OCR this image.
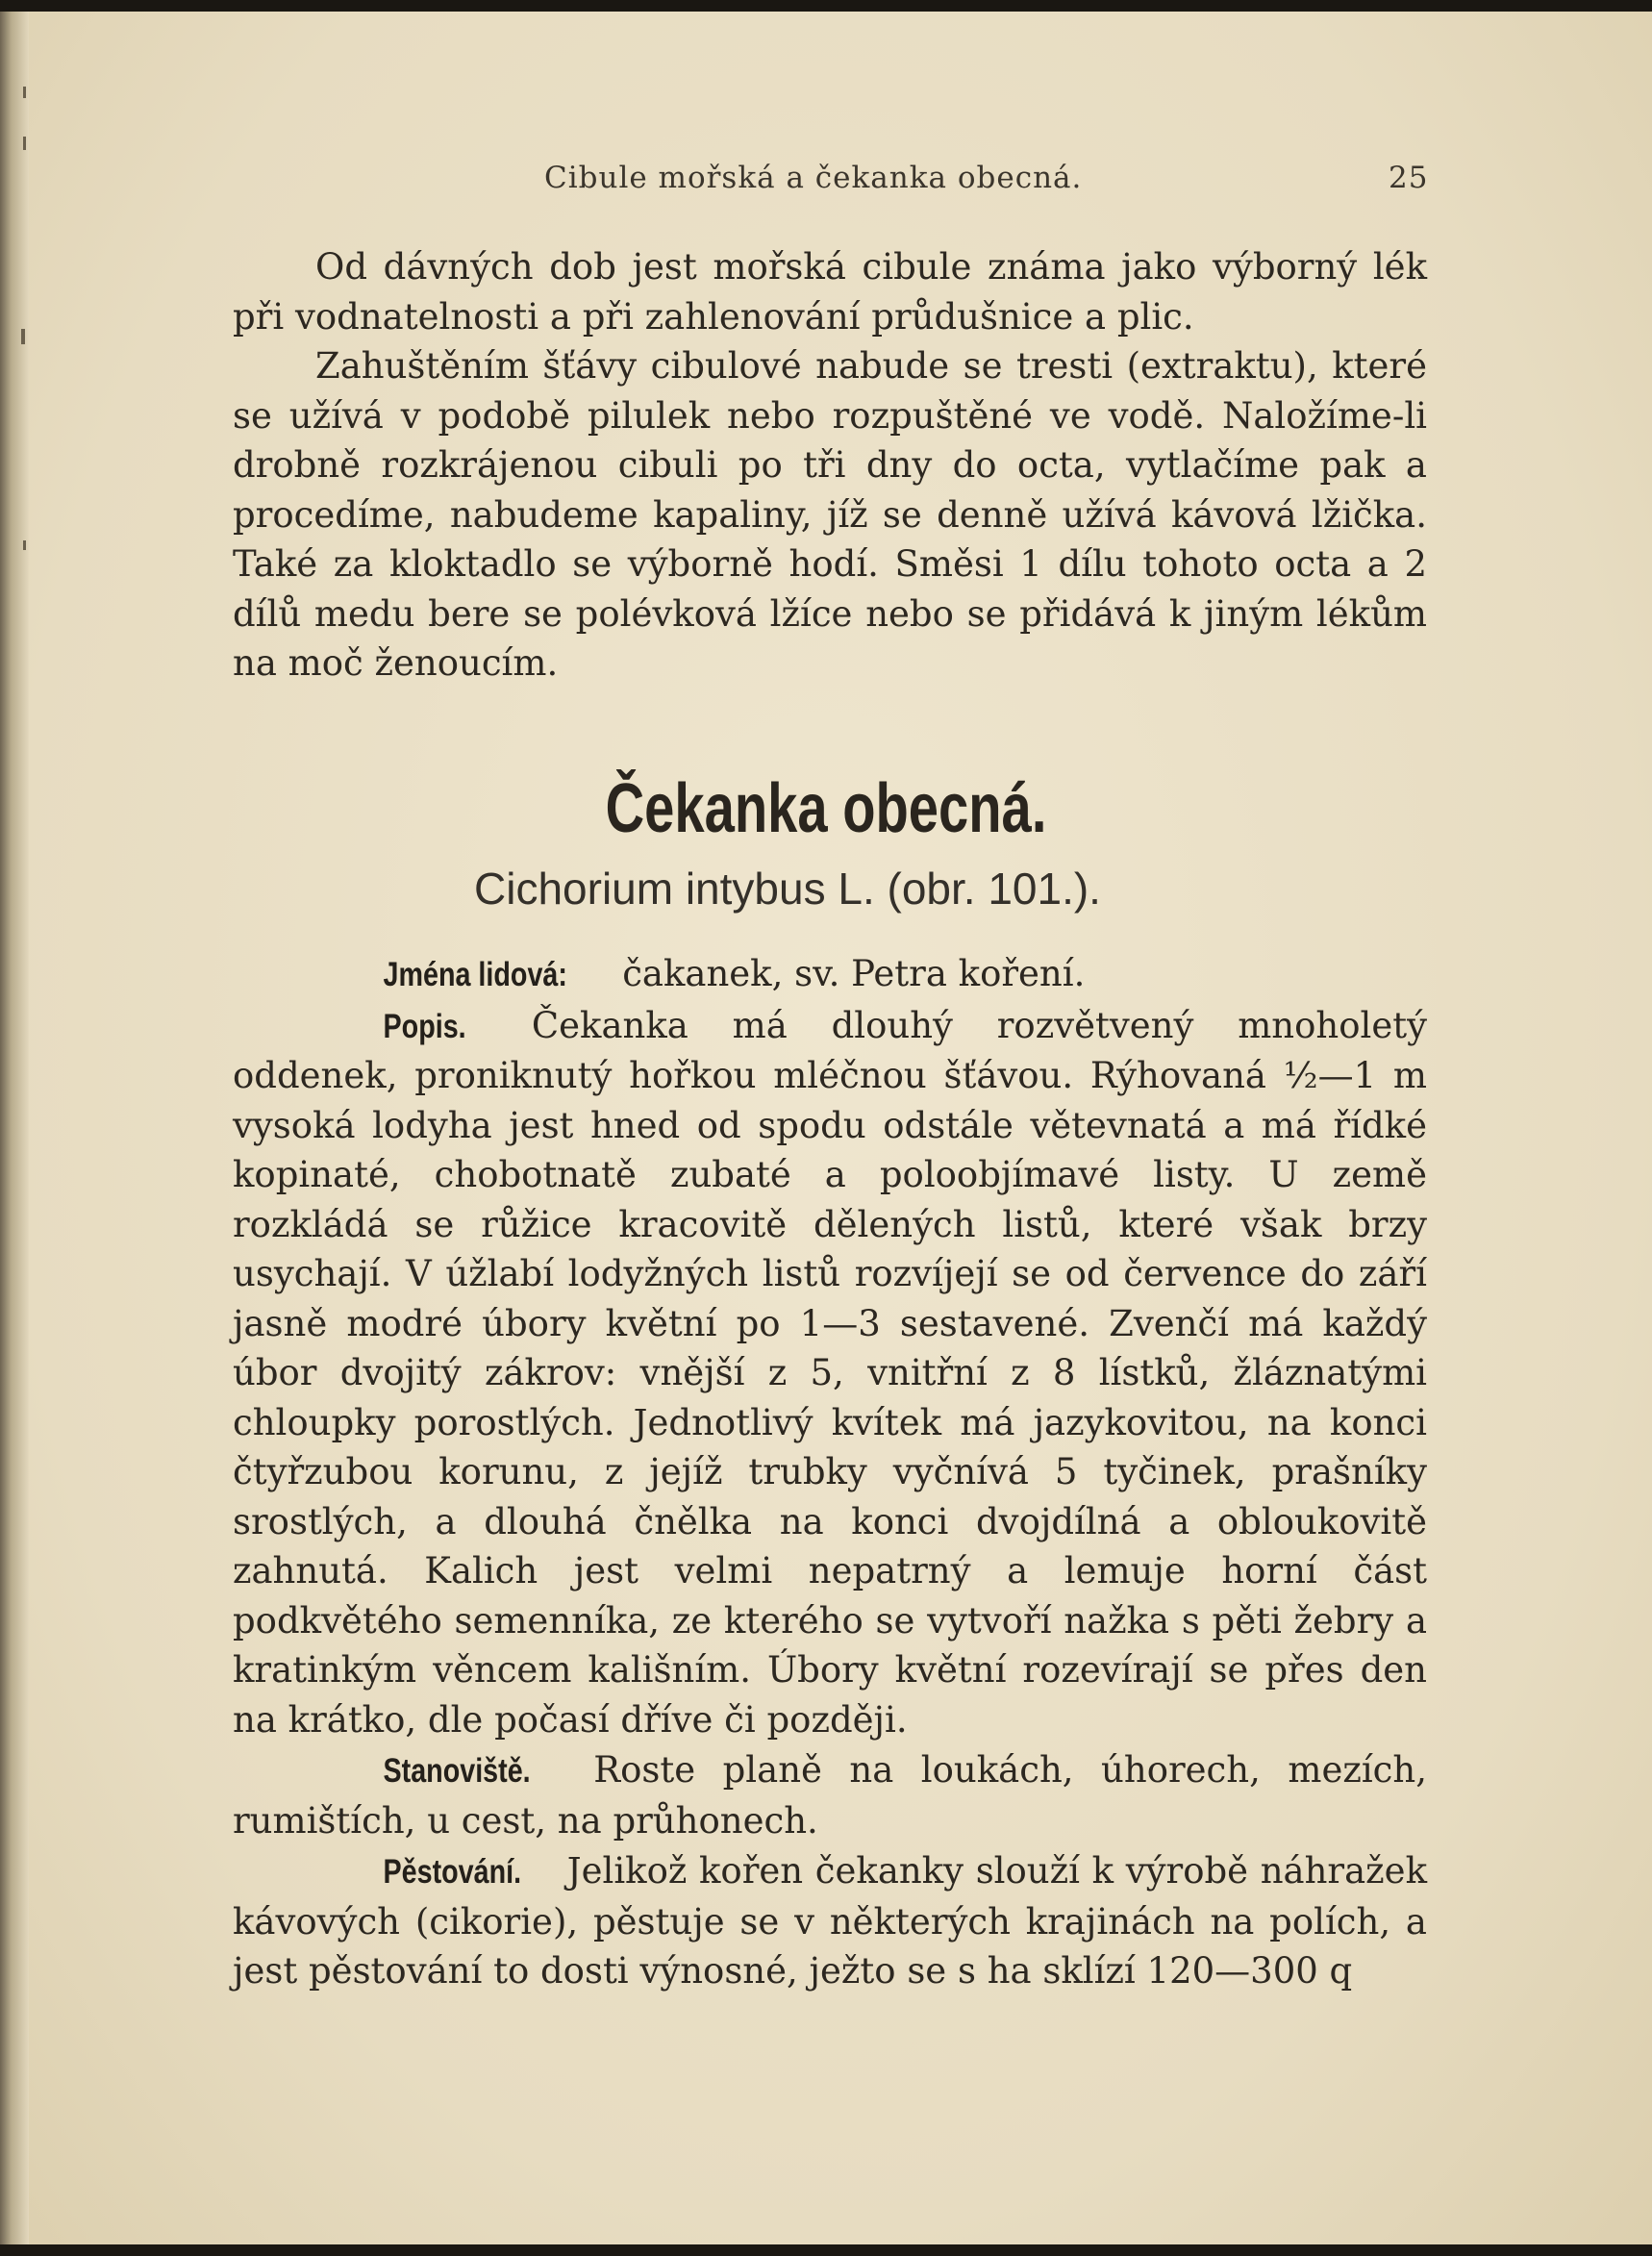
Cibule mořská a čekanka obecná.	25

Od dávných dob jest mořská cibule známa jako výborný lék při vodnatelnosti a při zahlenování průdušnice a plic.

Zahuštěním šťávy cibulové nabude se tresti (extraktu), které se užívá v podobě pilulek nebo rozpuštěné ve vodě. Naložíme-li drobně rozkrájenou cibuli po tři dny do octa, vytlačíme pak a procedíme, nabudeme kapaliny, jíž se denně užívá kávová lžička. Také za kloktadlo se výborně hodí. Směsi 1 dílu tohoto octa a 2 dílů medu bere se polévková lžíce nebo se přidává k jiným lékům na moč ženoucím.

Čekanka obecná.
Cichorium intybus L. (obr. 101.).

Jména lidová: čakanek, sv. Petra koření.

Popis. Čekanka má dlouhý rozvětvený mnoholetý oddenek, proniknutý hořkou mléčnou šťávou. Rýhovaná ½—1 m vysoká lodyha jest hned od spodu odstále větevnatá a má řídké kopinaté, chobotnatě zubaté a poloobjímavé listy. U země rozkládá se růžice kracovitě dělených listů, které však brzy usychají. V úžlabí lodyžných listů rozvíjejí se od července do září jasně modré úbory květní po 1—3 sestavené. Zvenčí má každý úbor dvojitý zákrov: vnější z 5, vnitřní z 8 lístků, žláznatými chloupky porostlých. Jednotlivý kvítek má jazykovitou, na konci čtyřzubou korunu, z jejíž trubky vyčnívá 5 tyčinek, prašníky srostlých, a dlouhá čnělka na konci dvojdílná a obloukovitě zahnutá. Kalich jest velmi nepatrný a lemuje horní část podkvětého semenníka, ze kterého se vytvoří nažka s pěti žebry a kratinkým věncem kališním. Úbory květní rozevírají se přes den na krátko, dle počasí dříve či později.

Stanoviště. Roste planě na loukách, úhorech, mezích, rumištích, u cest, na průhonech.

Pěstování. Jelikož kořen čekanky slouží k výrobě náhražek kávových (cikorie), pěstuje se v některých krajinách na polích, a jest pěstování to dosti výnosné, ježto se s ha sklízí 120—300 q
